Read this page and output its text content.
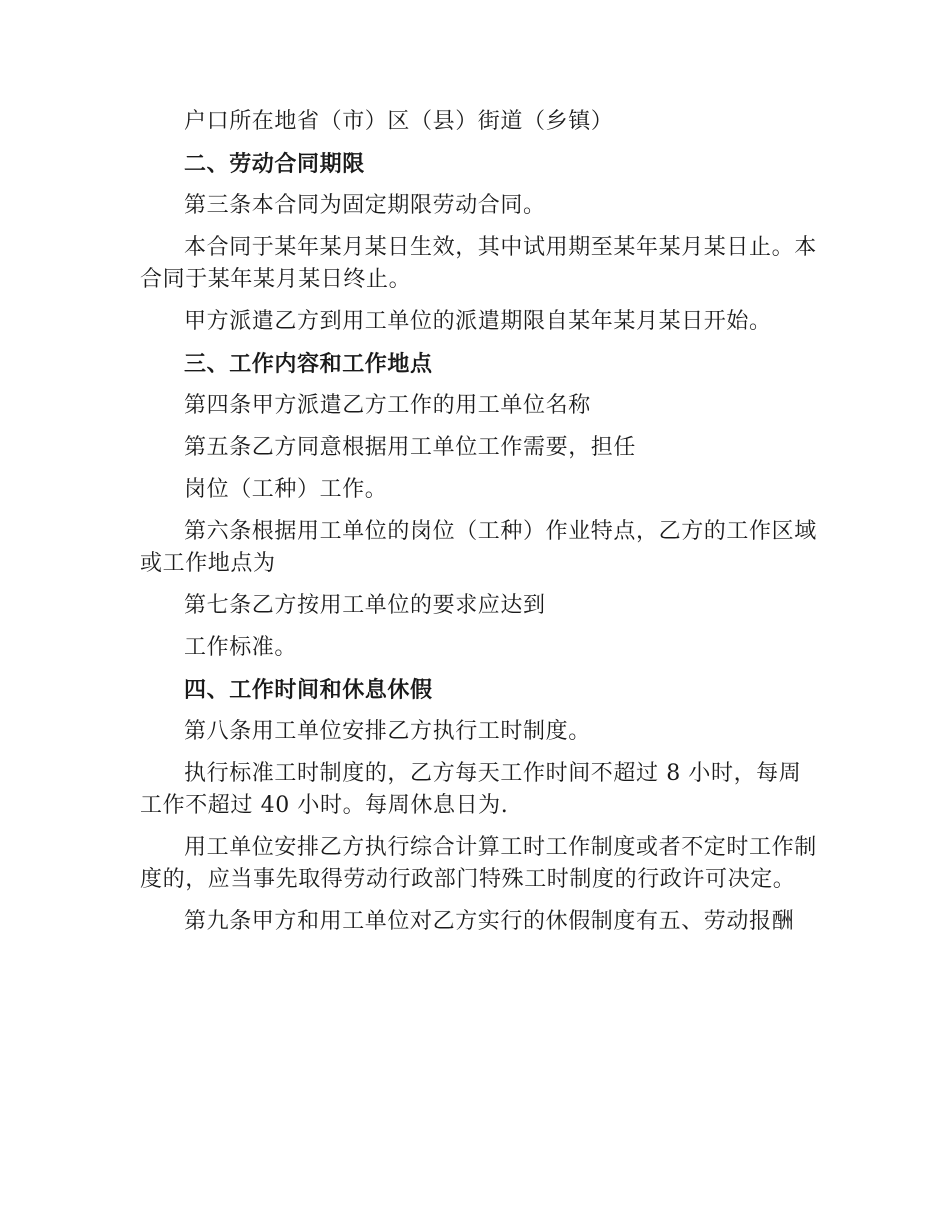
户口所在地省（市）区（县）街道（乡镇）

二、劳动合同期限

第三条本合同为固定期限劳动合同。

本合同于某年某月某日生效，其中试用期至某年某月某日止。本合同于某年某月某日终止。

甲方派遣乙方到用工单位的派遣期限自某年某月某日开始。

三、工作内容和工作地点

第四条甲方派遣乙方工作的用工单位名称

第五条乙方同意根据用工单位工作需要，担任

岗位（工种）工作。

第六条根据用工单位的岗位（工种）作业特点，乙方的工作区域或工作地点为

第七条乙方按用工单位的要求应达到

工作标准。

四、工作时间和休息休假

第八条用工单位安排乙方执行工时制度。

执行标准工时制度的，乙方每天工作时间不超过 8 小时，每周工作不超过 40 小时。每周休息日为.

用工单位安排乙方执行综合计算工时工作制度或者不定时工作制度的，应当事先取得劳动行政部门特殊工时制度的行政许可决定。

第九条甲方和用工单位对乙方实行的休假制度有五、劳动报酬
